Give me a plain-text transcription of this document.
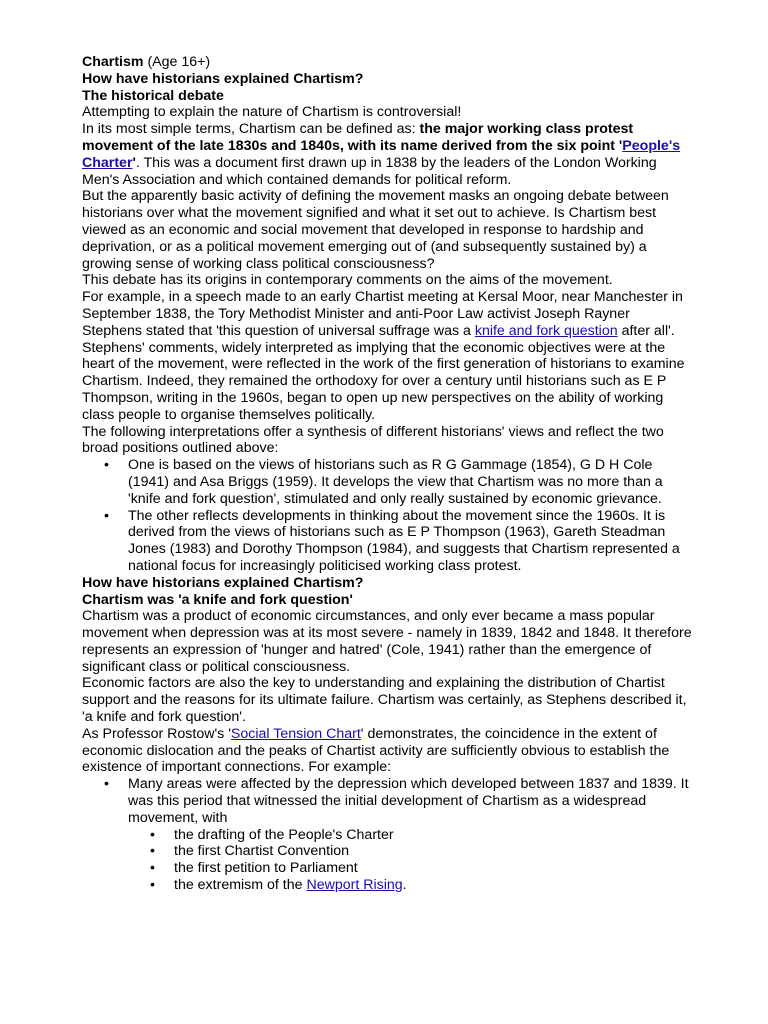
Chartism (Age 16+)

How have historians explained Chartism?

The historical debate

Attempting to explain the nature of Chartism is controversial!

In its most simple terms, Chartism can be defined as: the major working class protest movement of the late 1830s and 1840s, with its name derived from the six point 'People's Charter'. This was a document first drawn up in 1838 by the leaders of the London Working Men's Association and which contained demands for political reform.

But the apparently basic activity of defining the movement masks an ongoing debate between historians over what the movement signified and what it set out to achieve. Is Chartism best viewed as an economic and social movement that developed in response to hardship and deprivation, or as a political movement emerging out of (and subsequently sustained by) a growing sense of working class political consciousness?

This debate has its origins in contemporary comments on the aims of the movement.

For example, in a speech made to an early Chartist meeting at Kersal Moor, near Manchester in September 1838, the Tory Methodist Minister and anti-Poor Law activist Joseph Rayner Stephens stated that 'this question of universal suffrage was a knife and fork question after all'.

Stephens' comments, widely interpreted as implying that the economic objectives were at the heart of the movement, were reflected in the work of the first generation of historians to examine Chartism. Indeed, they remained the orthodoxy for over a century until historians such as E P Thompson, writing in the 1960s, began to open up new perspectives on the ability of working class people to organise themselves politically.

The following interpretations offer a synthesis of different historians' views and reflect the two broad positions outlined above:

• One is based on the views of historians such as R G Gammage (1854), G D H Cole (1941) and Asa Briggs (1959). It develops the view that Chartism was no more than a 'knife and fork question', stimulated and only really sustained by economic grievance.
• The other reflects developments in thinking about the movement since the 1960s. It is derived from the views of historians such as E P Thompson (1963), Gareth Steadman Jones (1983) and Dorothy Thompson (1984), and suggests that Chartism represented a national focus for increasingly politicised working class protest.

How have historians explained Chartism?

Chartism was 'a knife and fork question'

Chartism was a product of economic circumstances, and only ever became a mass popular movement when depression was at its most severe - namely in 1839, 1842 and 1848. It therefore represents an expression of 'hunger and hatred' (Cole, 1941) rather than the emergence of significant class or political consciousness.

Economic factors are also the key to understanding and explaining the distribution of Chartist support and the reasons for its ultimate failure. Chartism was certainly, as Stephens described it, 'a knife and fork question'.

As Professor Rostow's 'Social Tension Chart' demonstrates, the coincidence in the extent of economic dislocation and the peaks of Chartist activity are sufficiently obvious to establish the existence of important connections. For example:

• Many areas were affected by the depression which developed between 1837 and 1839. It was this period that witnessed the initial development of Chartism as a widespread movement, with
• the drafting of the People's Charter
• the first Chartist Convention
• the first petition to Parliament
• the extremism of the Newport Rising.
